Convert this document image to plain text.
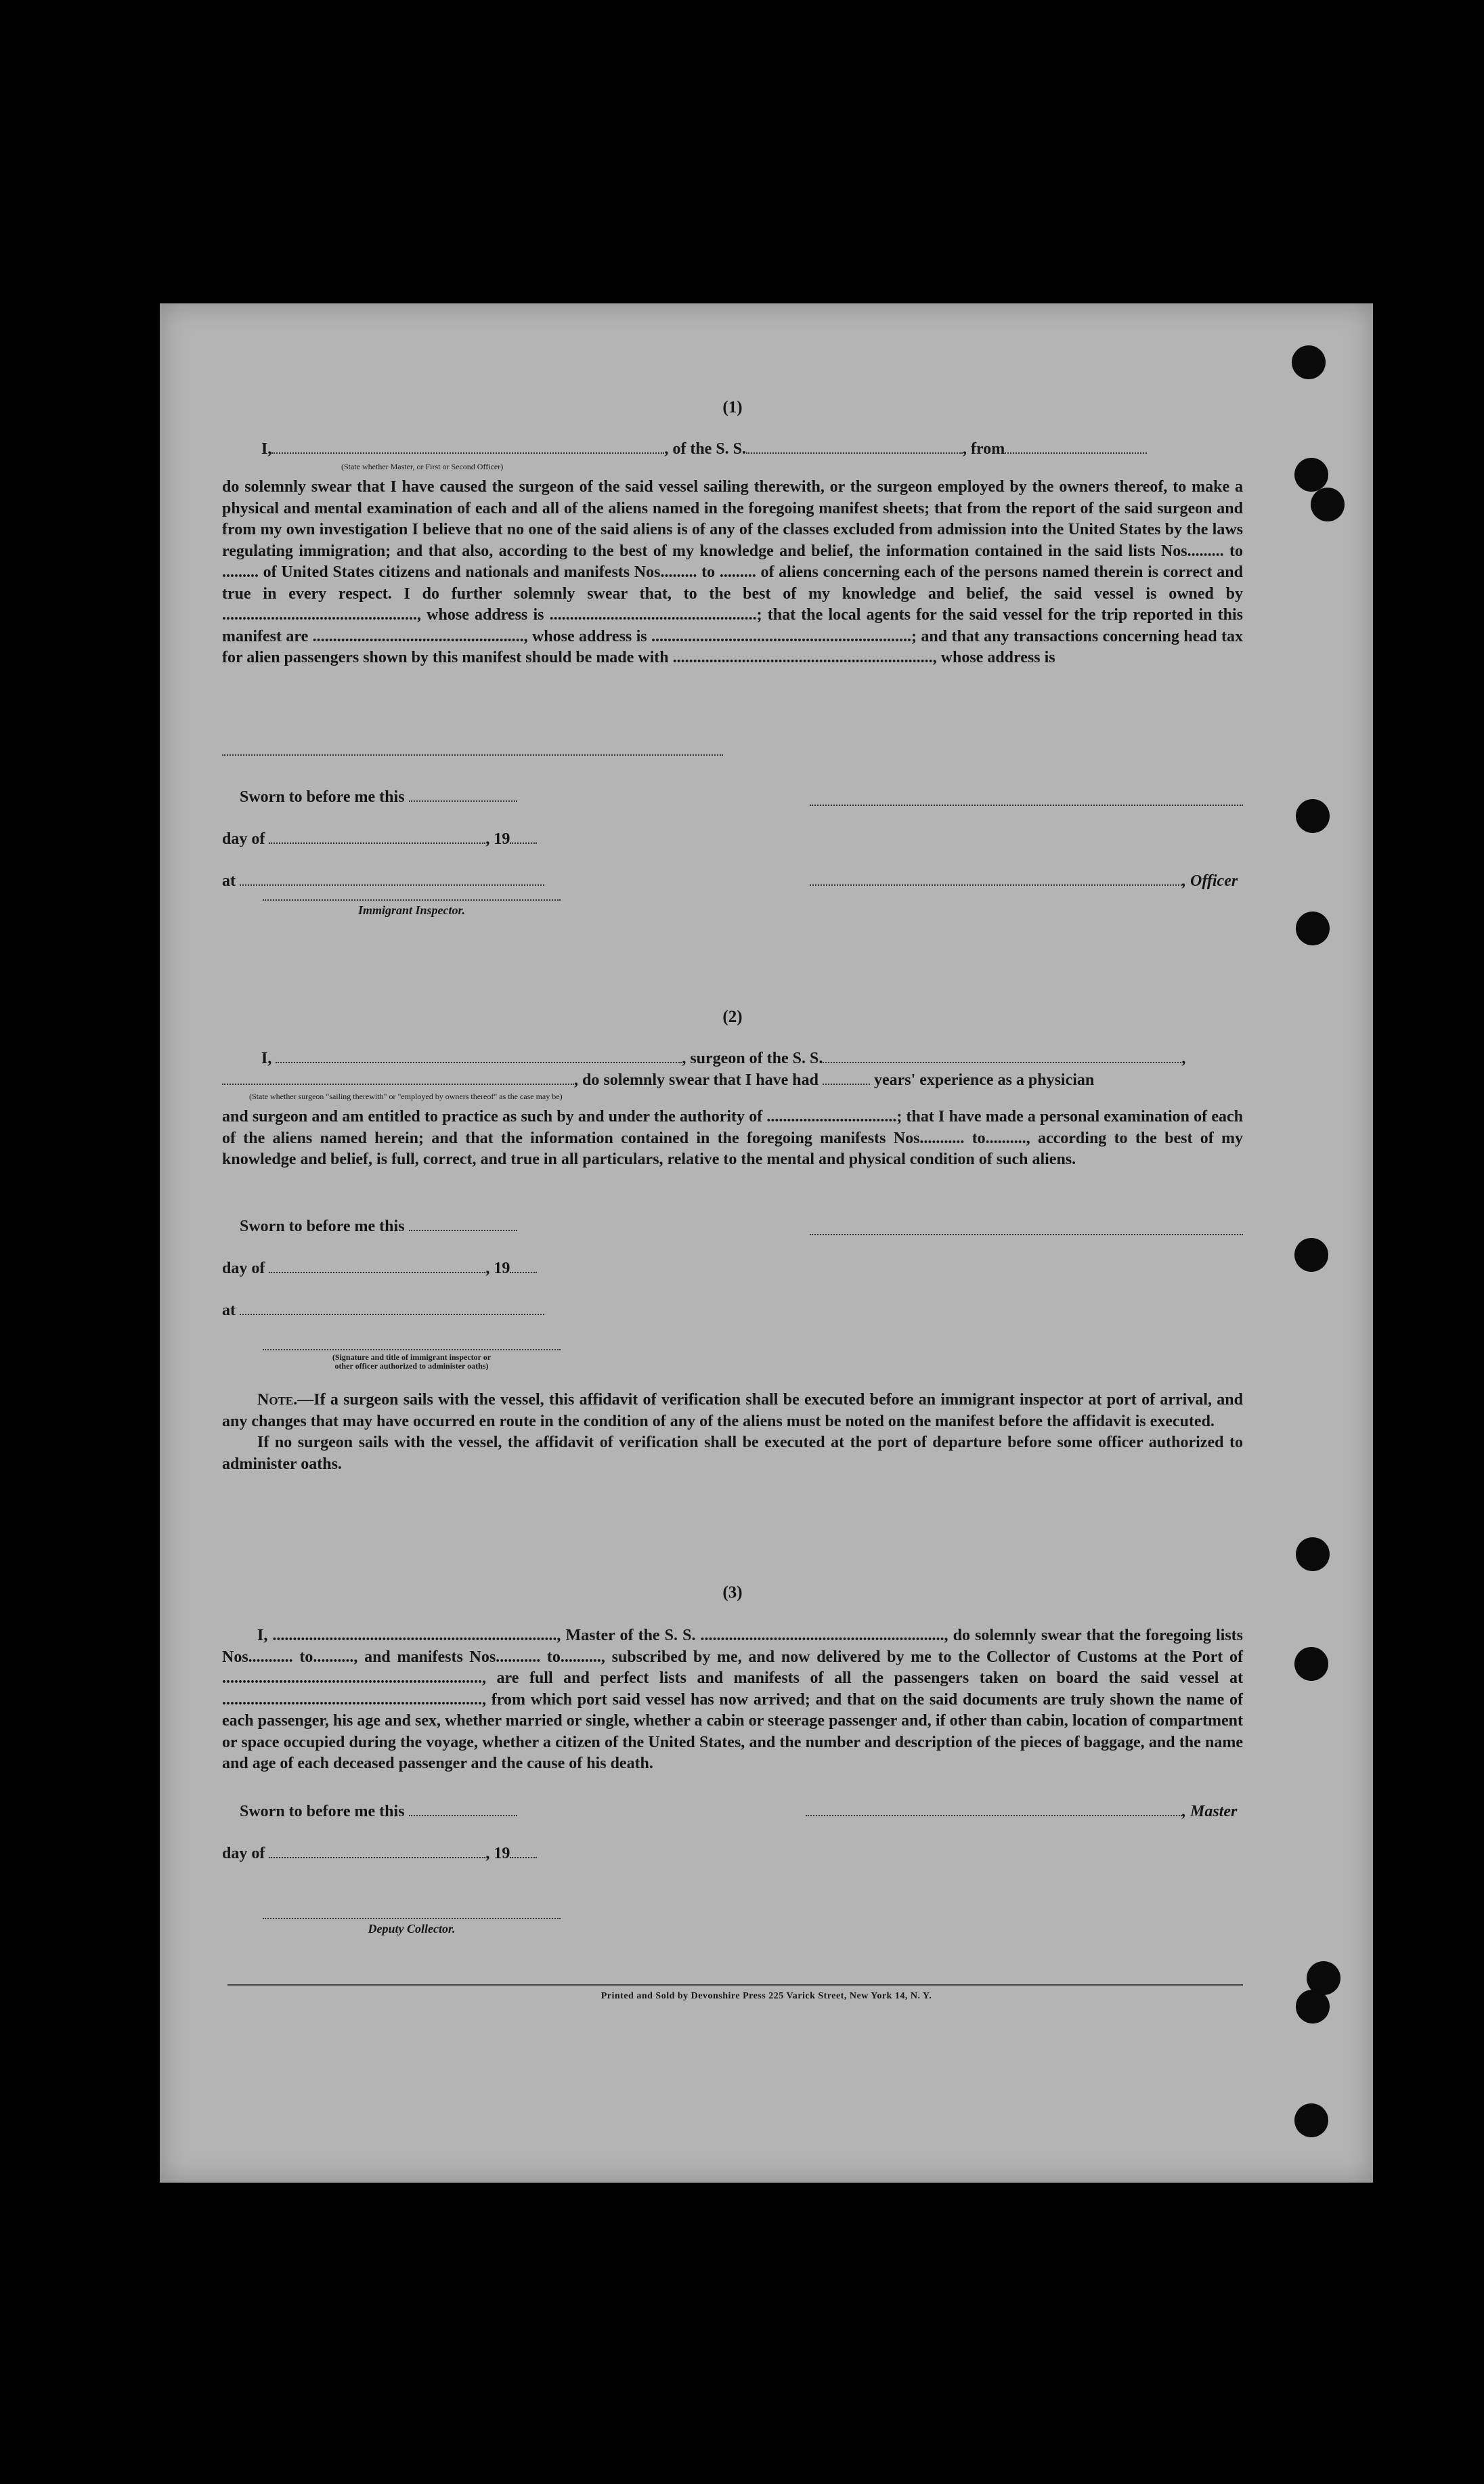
(1)
I,	, of the S. S.	, from
(State whether Master, or First or Second Officer)

do solemnly swear that I have caused the surgeon of the said vessel sailing therewith, or the surgeon employed by the owners thereof, to make a physical and mental examination of each and all of the aliens named in the foregoing manifest sheets; that from the report of the said surgeon and from my own investigation I believe that no one of the said aliens is of any of the classes excluded from admission into the United States by the laws regulating immigration; and that also, according to the best of my knowledge and belief, the information contained in the said lists Nos......... to ......... of United States citizens and nationals and manifests Nos......... to ......... of aliens concerning each of the persons named therein is correct and true in every respect. I do further solemnly swear that, to the best of my knowledge and belief, the said vessel is owned by ................................................, whose address is ...................................................; that the local agents for the said vessel for the trip reported in this manifest are ...................................................., whose address is ................................................................; and that any transactions concerning head tax for alien passengers shown by this manifest should be made with ................................................................, whose address is

Sworn to before me this
day of	, 19
at	, Officer
Immigrant Inspector.
(2)
I,	, surgeon of the S. S.	,
, do solemnly swear that I have had	years' experience as a physician
(State whether surgeon "sailing therewith" or "employed by owners thereof" as the case may be)

and surgeon and am entitled to practice as such by and under the authority of ................................; that I have made a personal examination of each of the aliens named herein; and that the information contained in the foregoing manifests Nos........... to.........., according to the best of my knowledge and belief, is full, correct, and true in all particulars, relative to the mental and physical condition of such aliens.

Sworn to before me this
day of	, 19
at
(Signature and title of immigrant inspector or
other officer authorized to administer oaths)

Note.—If a surgeon sails with the vessel, this affidavit of verification shall be executed before an immigrant inspector at port of arrival, and any changes that may have occurred en route in the condition of any of the aliens must be noted on the manifest before the affidavit is executed.

If no surgeon sails with the vessel, the affidavit of verification shall be executed at the port of departure before some officer authorized to administer oaths.

(3)

I, ......................................................................, Master of the S. S. ............................................................, do solemnly swear that the foregoing lists Nos........... to.........., and manifests Nos........... to.........., subscribed by me, and now delivered by me to the Collector of Customs at the Port of ................................................................, are full and perfect lists and manifests of all the passengers taken on board the said vessel at ................................................................, from which port said vessel has now arrived; and that on the said documents are truly shown the name of each passenger, his age and sex, whether married or single, whether a cabin or steerage passenger and, if other than cabin, location of compartment or space occupied during the voyage, whether a citizen of the United States, and the number and description of the pieces of baggage, and the name and age of each deceased passenger and the cause of his death.

Sworn to before me this	, Master
day of	, 19
Deputy Collector.
Printed and Sold by Devonshire Press 225 Varick Street, New York 14, N. Y.
